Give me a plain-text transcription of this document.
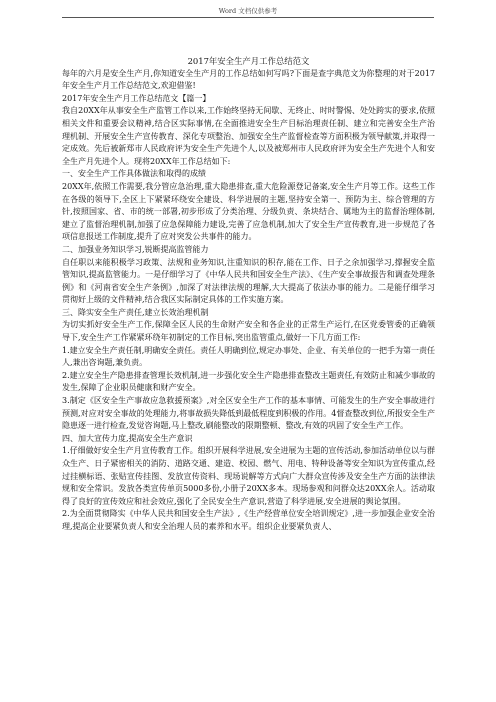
Word 文档仅供参考

2017年安全生产月工作总结范文

每年的六月是安全生产月,你知道安全生产月的工作总结如何写吗?下面是查字典范文为你整理的对于2017年安全生产月工作总结范文,欢迎借鉴!

2017年安全生产月工作总结范文【篇一】

我自20XX年从事安全生产监管工作以来,工作始终坚持无间歇、无终止、时时警惕、处处跨实的要求,依照相关文件和重要会议精神,结合区实际事情,在全面推进安全生产目标治理责任制、建立和完善安全生产治理机制、开展安全生产宣传教育、深化专项整治、加强安全生产监督检查等方面积极为领导献策,并取得一定成效。先后被新郑市人民政府评为安全生产先进个人,以及被郑州市人民政府评为安全生产先进个人和安全生产月先进个人。现将20XX年工作总结如下:

一、安全生产工作具体做法和取得的成绩

20XX年,依照工作需要,我分管应急治理,重大隐患排查,重大危险源登记备案,安全生产月等工作。这些工作在各级的领导下,全区上下紧紧环绕安全建设、科学进展的主题,坚持安全第一、预防为主、综合管理的方针,按照国家、省、市的统一部署,初步形成了分类治理、分级负责、条块结合、属地为主的监督治理体制,建立了监督治理机制,加强了应急保障能力建设,完善了应急机制,加大了安全生产宣传教育,进一步规范了各项信息报送工作制度,提升了应对突发公共事件的能力。

二、加强业务知识学习,锐断提高监管能力

自任职以来能积极学习政策、法规和业务知识,注重知识的积存,能在工作、日子之余加强学习,撑握安全监管知识,提高监管能力。一是仔细学习了《中华人民共和国安全生产法》、《生产安全事故报告和调查处理条例》和《河南省安全生产条例》,加深了对法律法规的理解,大大提高了依法办事的能力。二是能仔细学习贯彻好上级的文件精神,结合我区实际制定具体的工作实施方案。

三、降实安全生产责任,建立长效治理机制

为切实抓好安全生产工作,保障全区人民的生命财产安全和各企业的正常生产运行,在区党委管委的正确领导下,安全生产工作紧紧环绕年初制定的工作目标,突出监管重点,做好一下几方面工作:

1.建立安全生产责任制,明确安全责任。责任人明确到位,规定办事处、企业、有关单位的一把手为第一责任人,兼出咨询题,兼负责。

2.建立安全生产隐患排查管理长效机制,进一步强化安全生产隐患排查整改主题责任,有效防止和减少事故的发生,保障了企业职员健康和财产安全。

3.制定《区安全生产事故应急救援预案》,对全区安全生产工作的基本事情、可能发生的生产安全事故进行预测,对应对安全事故的处理能力,将事故损失降低到最低程度到积极的作用。4督查整改到位,所报安全生产隐患逐一进行检查,发觉咨询题,马上整改,刷能整改的限期整顿、整改,有效的巩固了安全生产工作。

四、加大宣传力度,提高安全生产意识

1.仔细做好安全生产月宣传教育工作。组织开展科学进展,安全进展为主题的宣传活动,参加活动单位以与群众生产、日子紧密相关的消防、道路交通、建造、校园、燃气、用电、特种设备等安全知识为宣传重点,经过挂横标语、张贴宣传挂图、发放宣传资料、现场说解等方式向广大群众宣传涉及安全生产方面的法律法规和安全常识。发放各类宣传单页5000多份,小册子20XX多本。现场参观和问群众达20XX余人。活动取得了良好的宣传效应和社会效应,强化了全民安全生产意识,营造了科学进展,安全进展的舆论氛围。

2.为全面贯彻降实《中华人民共和国安全生产法》,《生产经营单位安全培训规定》,进一步加强企业安全治理,提高企业要紧负责人和安全治理人员的素养和水平。组织企业要紧负责人、
